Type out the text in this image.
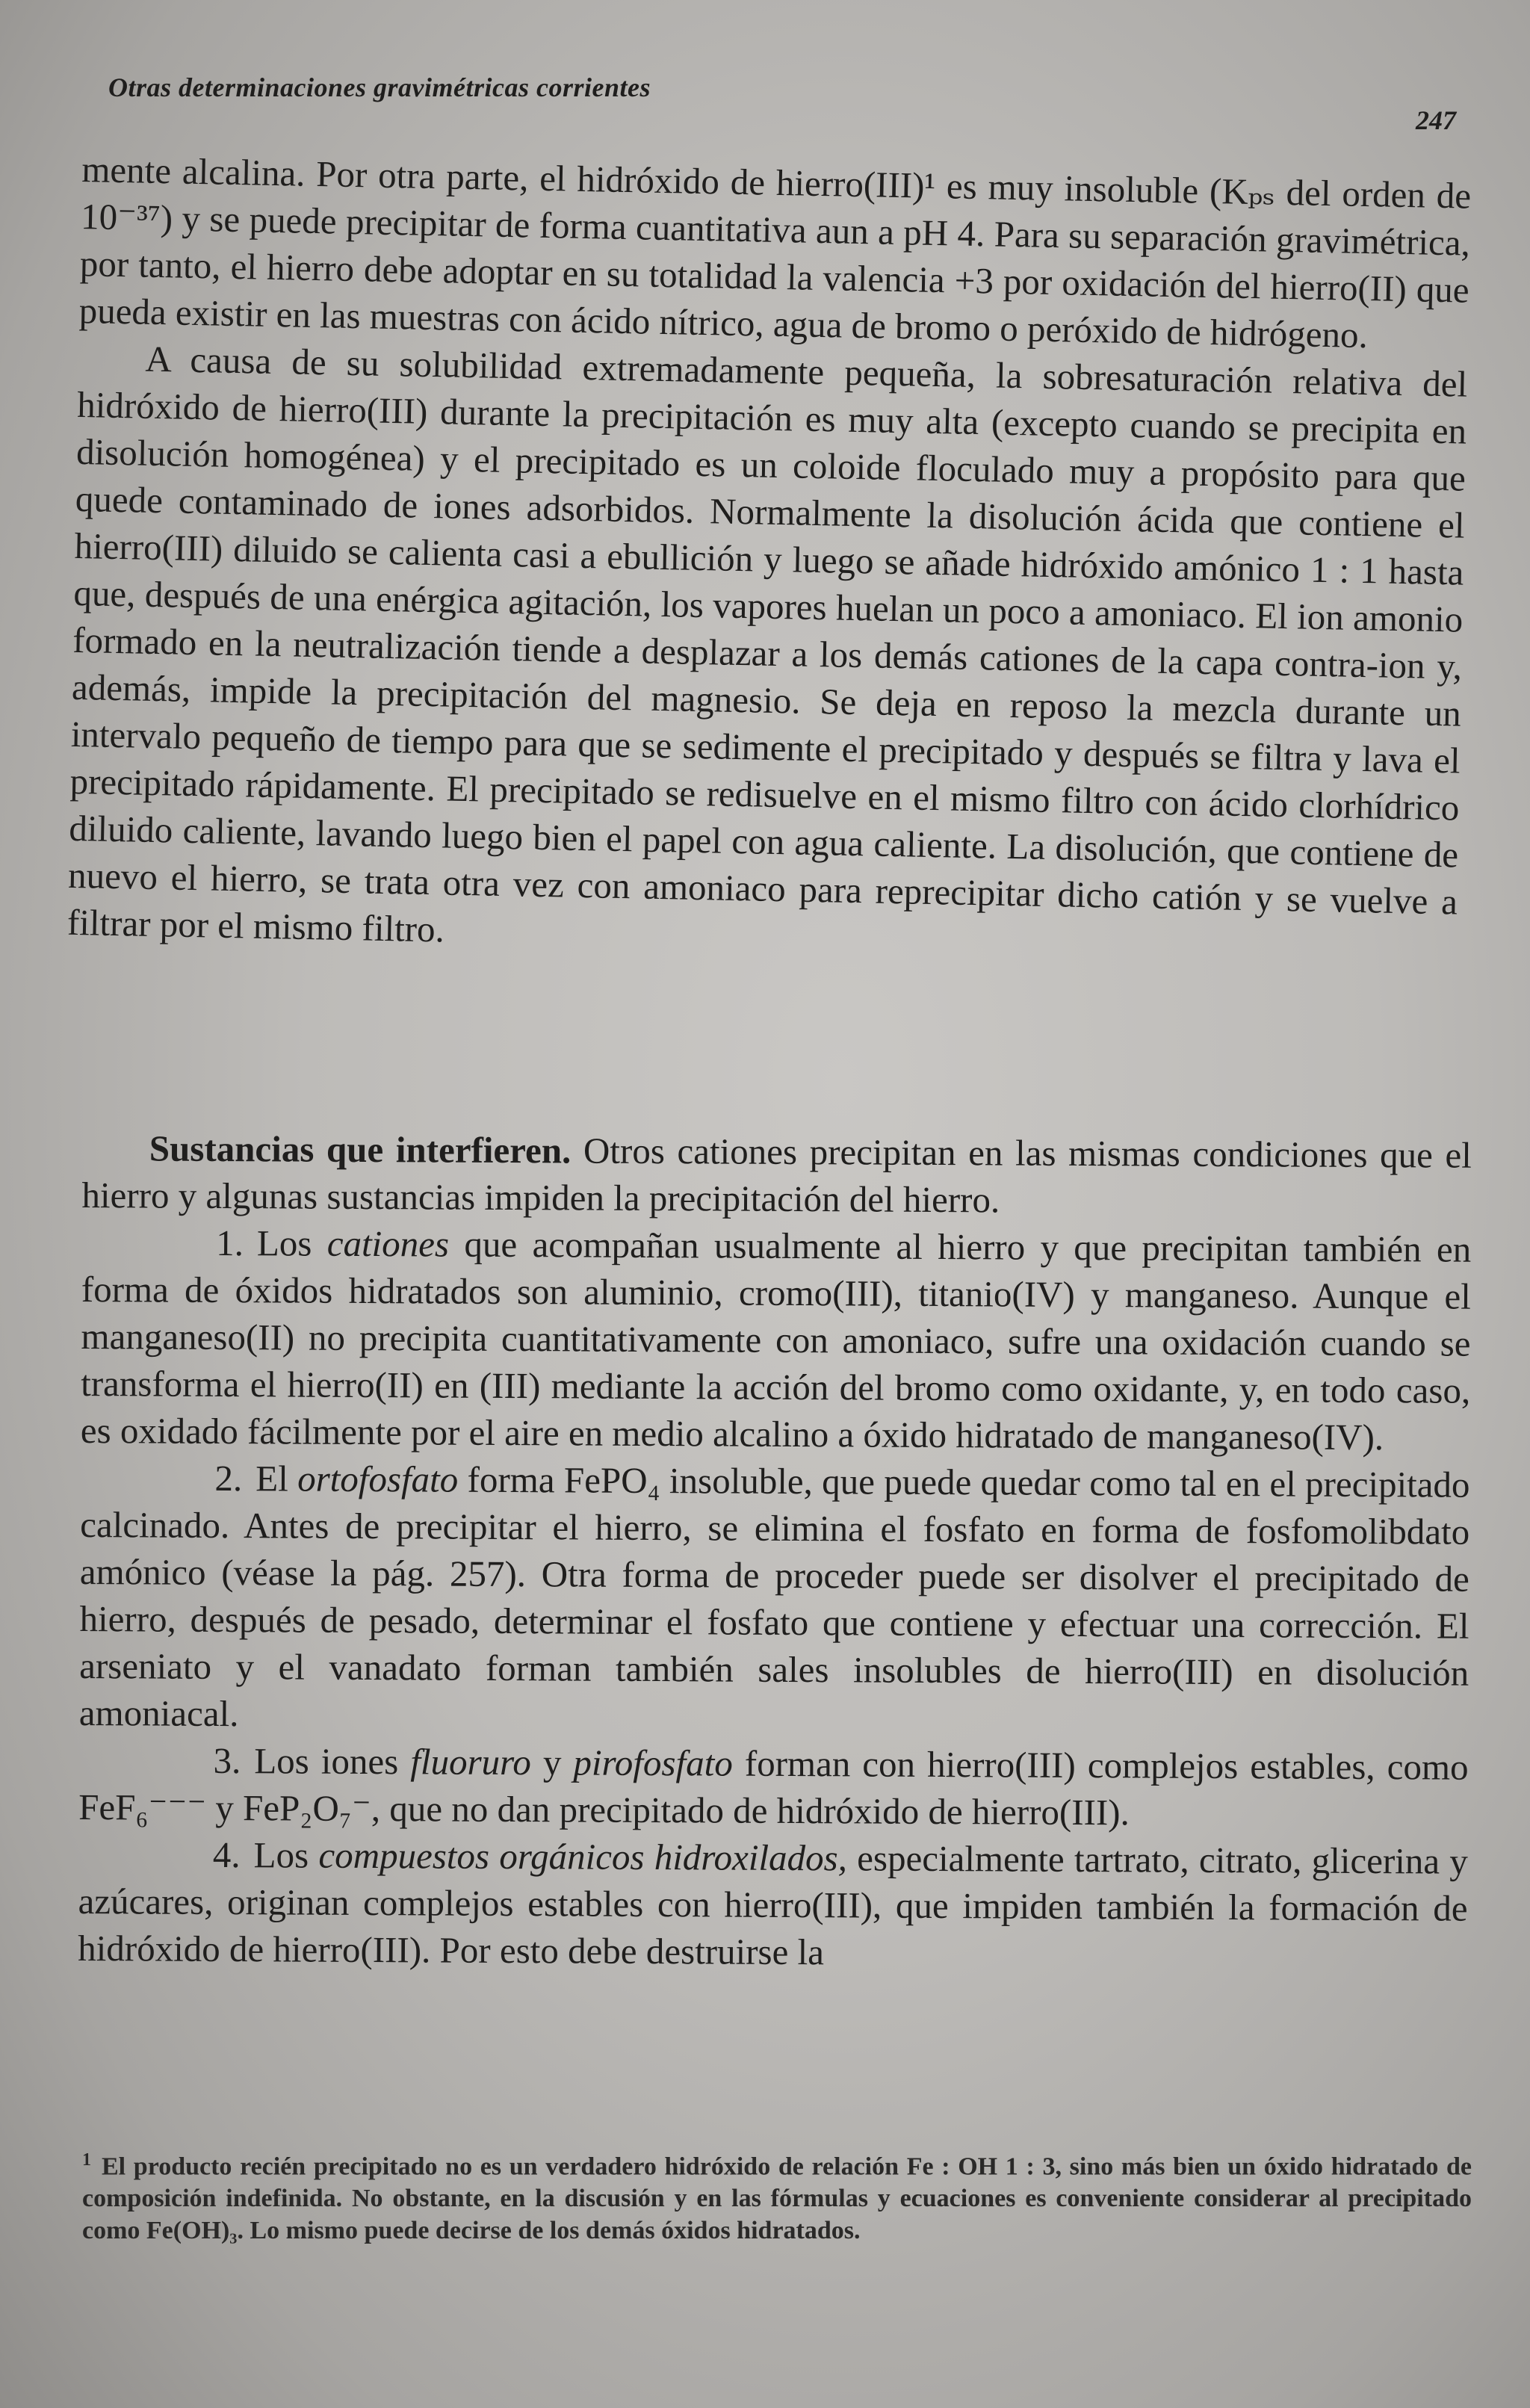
Otras determinaciones gravimétricas corrientes
247

mente alcalina. Por otra parte, el hidróxido de hierro(III)¹ es muy insoluble (Kₚₛ del orden de 10⁻³⁷) y se puede precipitar de forma cuantitativa aun a pH 4. Para su separación gravimétrica, por tanto, el hierro debe adoptar en su totalidad la valencia +3 por oxidación del hierro(II) que pueda existir en las muestras con ácido nítrico, agua de bromo o peróxido de hidrógeno.

A causa de su solubilidad extremadamente pequeña, la sobresaturación relativa del hidróxido de hierro(III) durante la precipitación es muy alta (excepto cuando se precipita en disolución homogénea) y el precipitado es un coloide floculado muy a propósito para que quede contaminado de iones adsorbidos. Normalmente la disolución ácida que contiene el hierro(III) diluido se calienta casi a ebullición y luego se añade hidróxido amónico 1 : 1 hasta que, después de una enérgica agitación, los vapores huelan un poco a amoniaco. El ion amonio formado en la neutralización tiende a desplazar a los demás cationes de la capa contra-ion y, además, impide la precipitación del magnesio. Se deja en reposo la mezcla durante un intervalo pequeño de tiempo para que se sedimente el precipitado y después se filtra y lava el precipitado rápidamente. El precipitado se redisuelve en el mismo filtro con ácido clorhídrico diluido caliente, lavando luego bien el papel con agua caliente. La disolución, que contiene de nuevo el hierro, se trata otra vez con amoniaco para reprecipitar dicho catión y se vuelve a filtrar por el mismo filtro.

Sustancias que interfieren. Otros cationes precipitan en las mismas condiciones que el hierro y algunas sustancias impiden la precipitación del hierro.

1. Los cationes que acompañan usualmente al hierro y que precipitan también en forma de óxidos hidratados son aluminio, cromo(III), titanio(IV) y manganeso. Aunque el manganeso(II) no precipita cuantitativamente con amoniaco, sufre una oxidación cuando se transforma el hierro(II) en (III) mediante la acción del bromo como oxidante, y, en todo caso, es oxidado fácilmente por el aire en medio alcalino a óxido hidratado de manganeso(IV).

2. El ortofosfato forma FePO₄ insoluble, que puede quedar como tal en el precipitado calcinado. Antes de precipitar el hierro, se elimina el fosfato en forma de fosfomolibdato amónico (véase la pág. 257). Otra forma de proceder puede ser disolver el precipitado de hierro, después de pesado, determinar el fosfato que contiene y efectuar una corrección. El arseniato y el vanadato forman también sales insolubles de hierro(III) en disolución amoniacal.

3. Los iones fluoruro y pirofosfato forman con hierro(III) complejos estables, como FeF₆⁻⁻⁻ y FeP₂O₇⁻, que no dan precipitado de hidróxido de hierro(III).

4. Los compuestos orgánicos hidroxilados, especialmente tartrato, citrato, glicerina y azúcares, originan complejos estables con hierro(III), que impiden también la formación de hidróxido de hierro(III). Por esto debe destruirse la

$^1$ El producto recién precipitado no es un verdadero hidróxido de relación Fe : OH 1 : 3, sino más bien un óxido hidratado de composición indefinida. No obstante, en la discusión y en las fórmulas y ecuaciones es conveniente considerar al precipitado como Fe(OH)₃. Lo mismo puede decirse de los demás óxidos hidratados.
